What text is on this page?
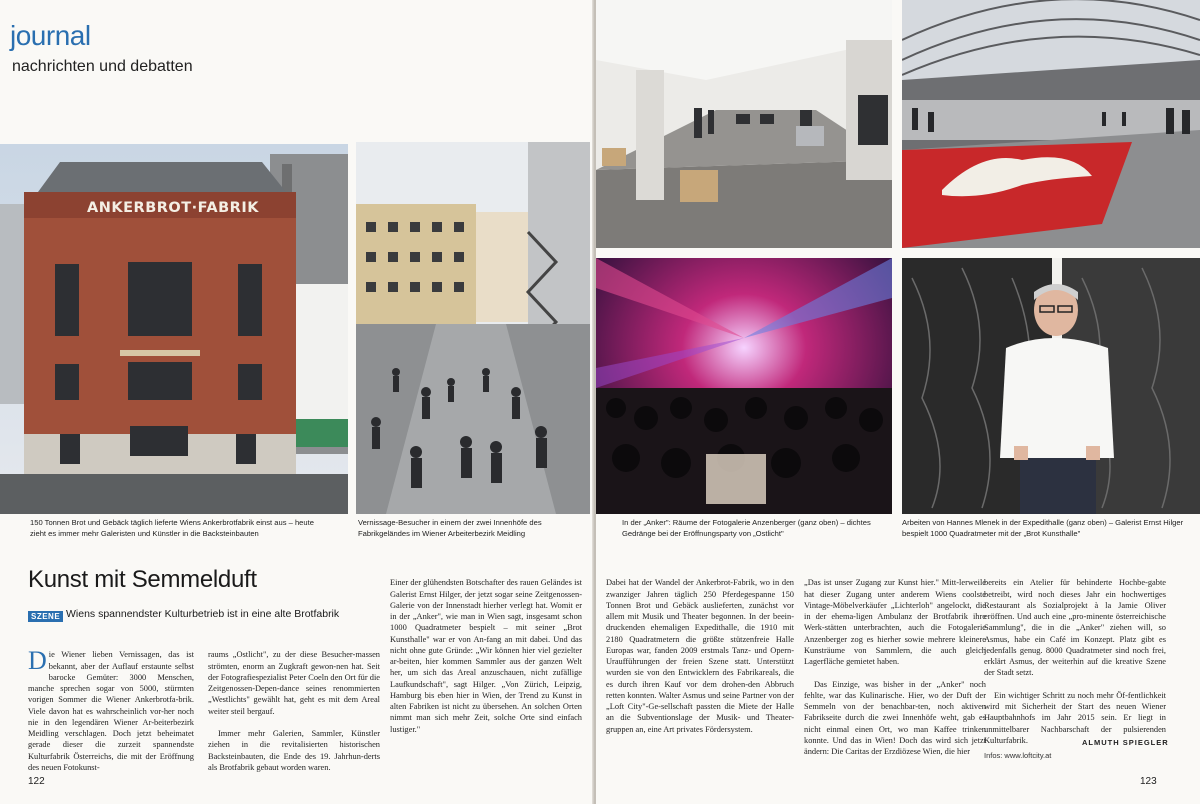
journal
nachrichten und debatten
ANKERBROT·FABRIK
150 Tonnen Brot und Gebäck täglich lieferte Wiens Ankerbrotfabrik einst aus – heute zieht es immer mehr Galeristen und Künstler in die Backsteinbauten
Vernissage-Besucher in einem der zwei Innenhöfe des Fabrikgeländes im Wiener Arbeiterbezirk Meidling
Kunst mit Semmelduft
SZENE Wiens spannendster Kulturbetrieb ist in eine alte Brotfabrik

Die Wiener lieben Vernissagen, das ist bekannt, aber der Auflauf erstaunte selbst barocke Gemüter: 3000 Menschen, manche sprechen sogar von 5000, stürmten vorigen Sommer die Wiener Ankerbrotfa-brik. Viele davon hat es wahrscheinlich vor-her noch nie in den legendären Wiener Ar-beiterbezirk Meidling verschlagen. Doch jetzt beheimatet gerade dieser die zurzeit spannendste Kulturfabrik Österreichs, die mit der Eröffnung des neuen Fotokunst-

raums „Ostlicht", zu der diese Besucher-massen strömten, enorm an Zugkraft gewon-nen hat. Seit der Fotografiespezialist Peter Coeln den Ort für die Zeitgenossen-Depen-dance seines renommierten „Westlichts" gewählt hat, geht es mit dem Areal weiter steil bergauf.

Immer mehr Galerien, Sammler, Künstler ziehen in die revitalisierten historischen Backsteinbauten, die Ende des 19. Jahrhun-derts als Brotfabrik gebaut worden waren.

Einer der glühendsten Botschafter des rauen Geländes ist Galerist Ernst Hilger, der jetzt sogar seine Zeitgenossen-Galerie von der Innenstadt hierher verlegt hat. Womit er in der „Anker", wie man in Wien sagt, insgesamt schon 1000 Quadratmeter bespielt – mit seiner „Brot Kunsthalle" war er von An-fang an mit dabei. Und das nicht ohne gute Gründe: „Wir können hier viel gezielter ar-beiten, hier kommen Sammler aus der ganzen Welt her, um sich das Areal anzuschauen, nicht zufällige Laufkundschaft", sagt Hilger. „Von Zürich, Leipzig, Hamburg bis eben hier in Wien, der Trend zu Kunst in alten Fabriken ist nicht zu übersehen. An solchen Orten nimmt man sich mehr Zeit, solche Orte sind einfach lustiger."

122
In der „Anker": Räume der Fotogalerie Anzenberger (ganz oben) – dichtes Gedränge bei der Eröffnungsparty von „Ostlicht"
Arbeiten von Hannes Mlenek in der Expedithalle (ganz oben) – Galerist Ernst Hilger bespielt 1000 Quadratmeter mit der „Brot Kunsthalle"

Dabei hat der Wandel der Ankerbrot-Fabrik, wo in den zwanziger Jahren täglich 250 Pferdegespanne 150 Tonnen Brot und Gebäck auslieferten, zunächst vor allem mit Musik und Theater begonnen. In der beein-druckenden ehemaligen Expedithalle, die 1910 mit 2180 Quadratmetern die größte stützenfreie Halle Europas war, fanden 2009 erstmals Tanz- und Opern-Uraufführungen der freien Szene statt. Unterstützt wurden sie von den Entwicklern des Fabrikareals, die es durch ihren Kauf vor dem drohen-den Abbruch retten konnten. Walter Asmus und seine Partner von der „Loft City"-Ge-sellschaft passten die Miete der Halle an die Subventionslage der Musik- und Theater-gruppen an, eine Art privates Fördersystem.

„Das ist unser Zugang zur Kunst hier." Mitt-lerweile hat dieser Zugang unter anderem Wiens coolste Vintage-Möbelverkäufer „Lichterloh" angelockt, die in der ehema-ligen Ambulanz der Brotfabrik ihre Werk-stätten unterbrachten, auch die Fotogalerie Anzenberger zog es hierher sowie mehrere kleinere Kunsträume von Sammlern, die auch gleich Lagerfläche gemietet haben.

Das Einzige, was bisher in der „Anker" noch fehlte, war das Kulinarische. Hier, wo der Duft der Semmeln von der benachbar-ten, noch aktiven Fabrikseite durch die zwei Innenhöfe weht, gab es nicht einmal einen Ort, wo man Kaffee trinken konnte. Und das in Wien! Doch das wird sich jetzt ändern: Die Caritas der Erzdiözese Wien, die hier

bereits ein Atelier für behinderte Hochbe-gabte betreibt, wird noch dieses Jahr ein hochwertiges Restaurant als Sozialprojekt à la Jamie Oliver eröffnen. Und auch eine „pro-minente österreichische Sammlung", die in die „Anker" ziehen will, so Asmus, habe ein Café im Konzept. Platz gibt es jedenfalls genug. 8000 Quadratmeter sind noch frei, erklärt Asmus, der weiterhin auf die kreative Szene der Stadt setzt.

Ein wichtiger Schritt zu noch mehr Öf-fentlichkeit wird mit Sicherheit der Start des neuen Wiener Hauptbahnhofs im Jahr 2015 sein. Er liegt in unmittelbarer Nachbarschaft der pulsierenden Kulturfabrik.	ALMUTH SPIEGLER
Infos: www.loftcity.at
123
